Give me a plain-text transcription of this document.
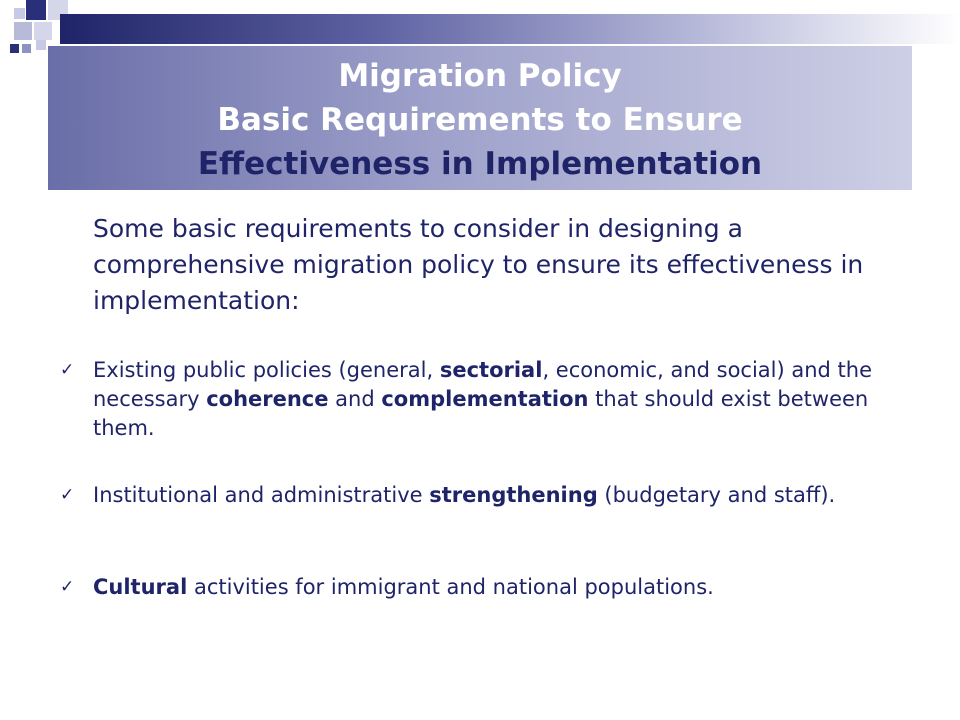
Migration Policy

Basic Requirements to Ensure

Effectiveness in Implementation

Some basic requirements to consider in designing a comprehensive migration policy to ensure its effectiveness in implementation:
✓ Existing public policies (general, sectorial, economic, and social) and the necessary coherence and complementation that should exist between them.
✓ Institutional and administrative strengthening (budgetary and staff).
✓ Cultural activities for immigrant and national populations.
